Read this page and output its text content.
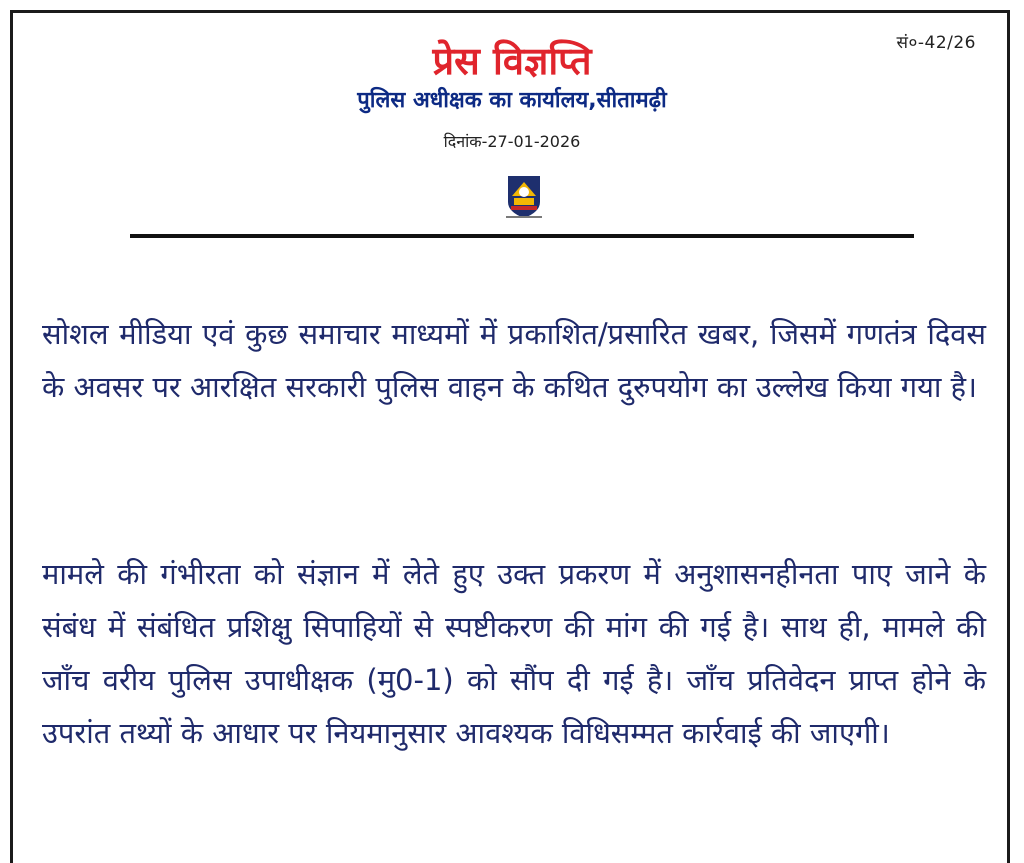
सं०-42/26
प्रेस विज्ञप्ति
पुलिस अधीक्षक का कार्यालय,सीतामढ़ी
दिनांक-27-01-2026
सोशल मीडिया एवं कुछ समाचार माध्यमों में प्रकाशित/प्रसारित खबर, जिसमें गणतंत्र दिवस के अवसर पर आरक्षित सरकारी पुलिस वाहन के कथित दुरुपयोग का उल्लेख किया गया है।
मामले की गंभीरता को संज्ञान में लेते हुए उक्त प्रकरण में अनुशासनहीनता पाए जाने के संबंध में संबंधित प्रशिक्षु सिपाहियों से स्पष्टीकरण की मांग की गई है। साथ ही, मामले की जाँच वरीय पुलिस उपाधीक्षक (मु0-1) को सौंप दी गई है। जाँच प्रतिवेदन प्राप्त होने के उपरांत तथ्यों के आधार पर नियमानुसार आवश्यक विधिसम्मत कार्रवाई की जाएगी।
